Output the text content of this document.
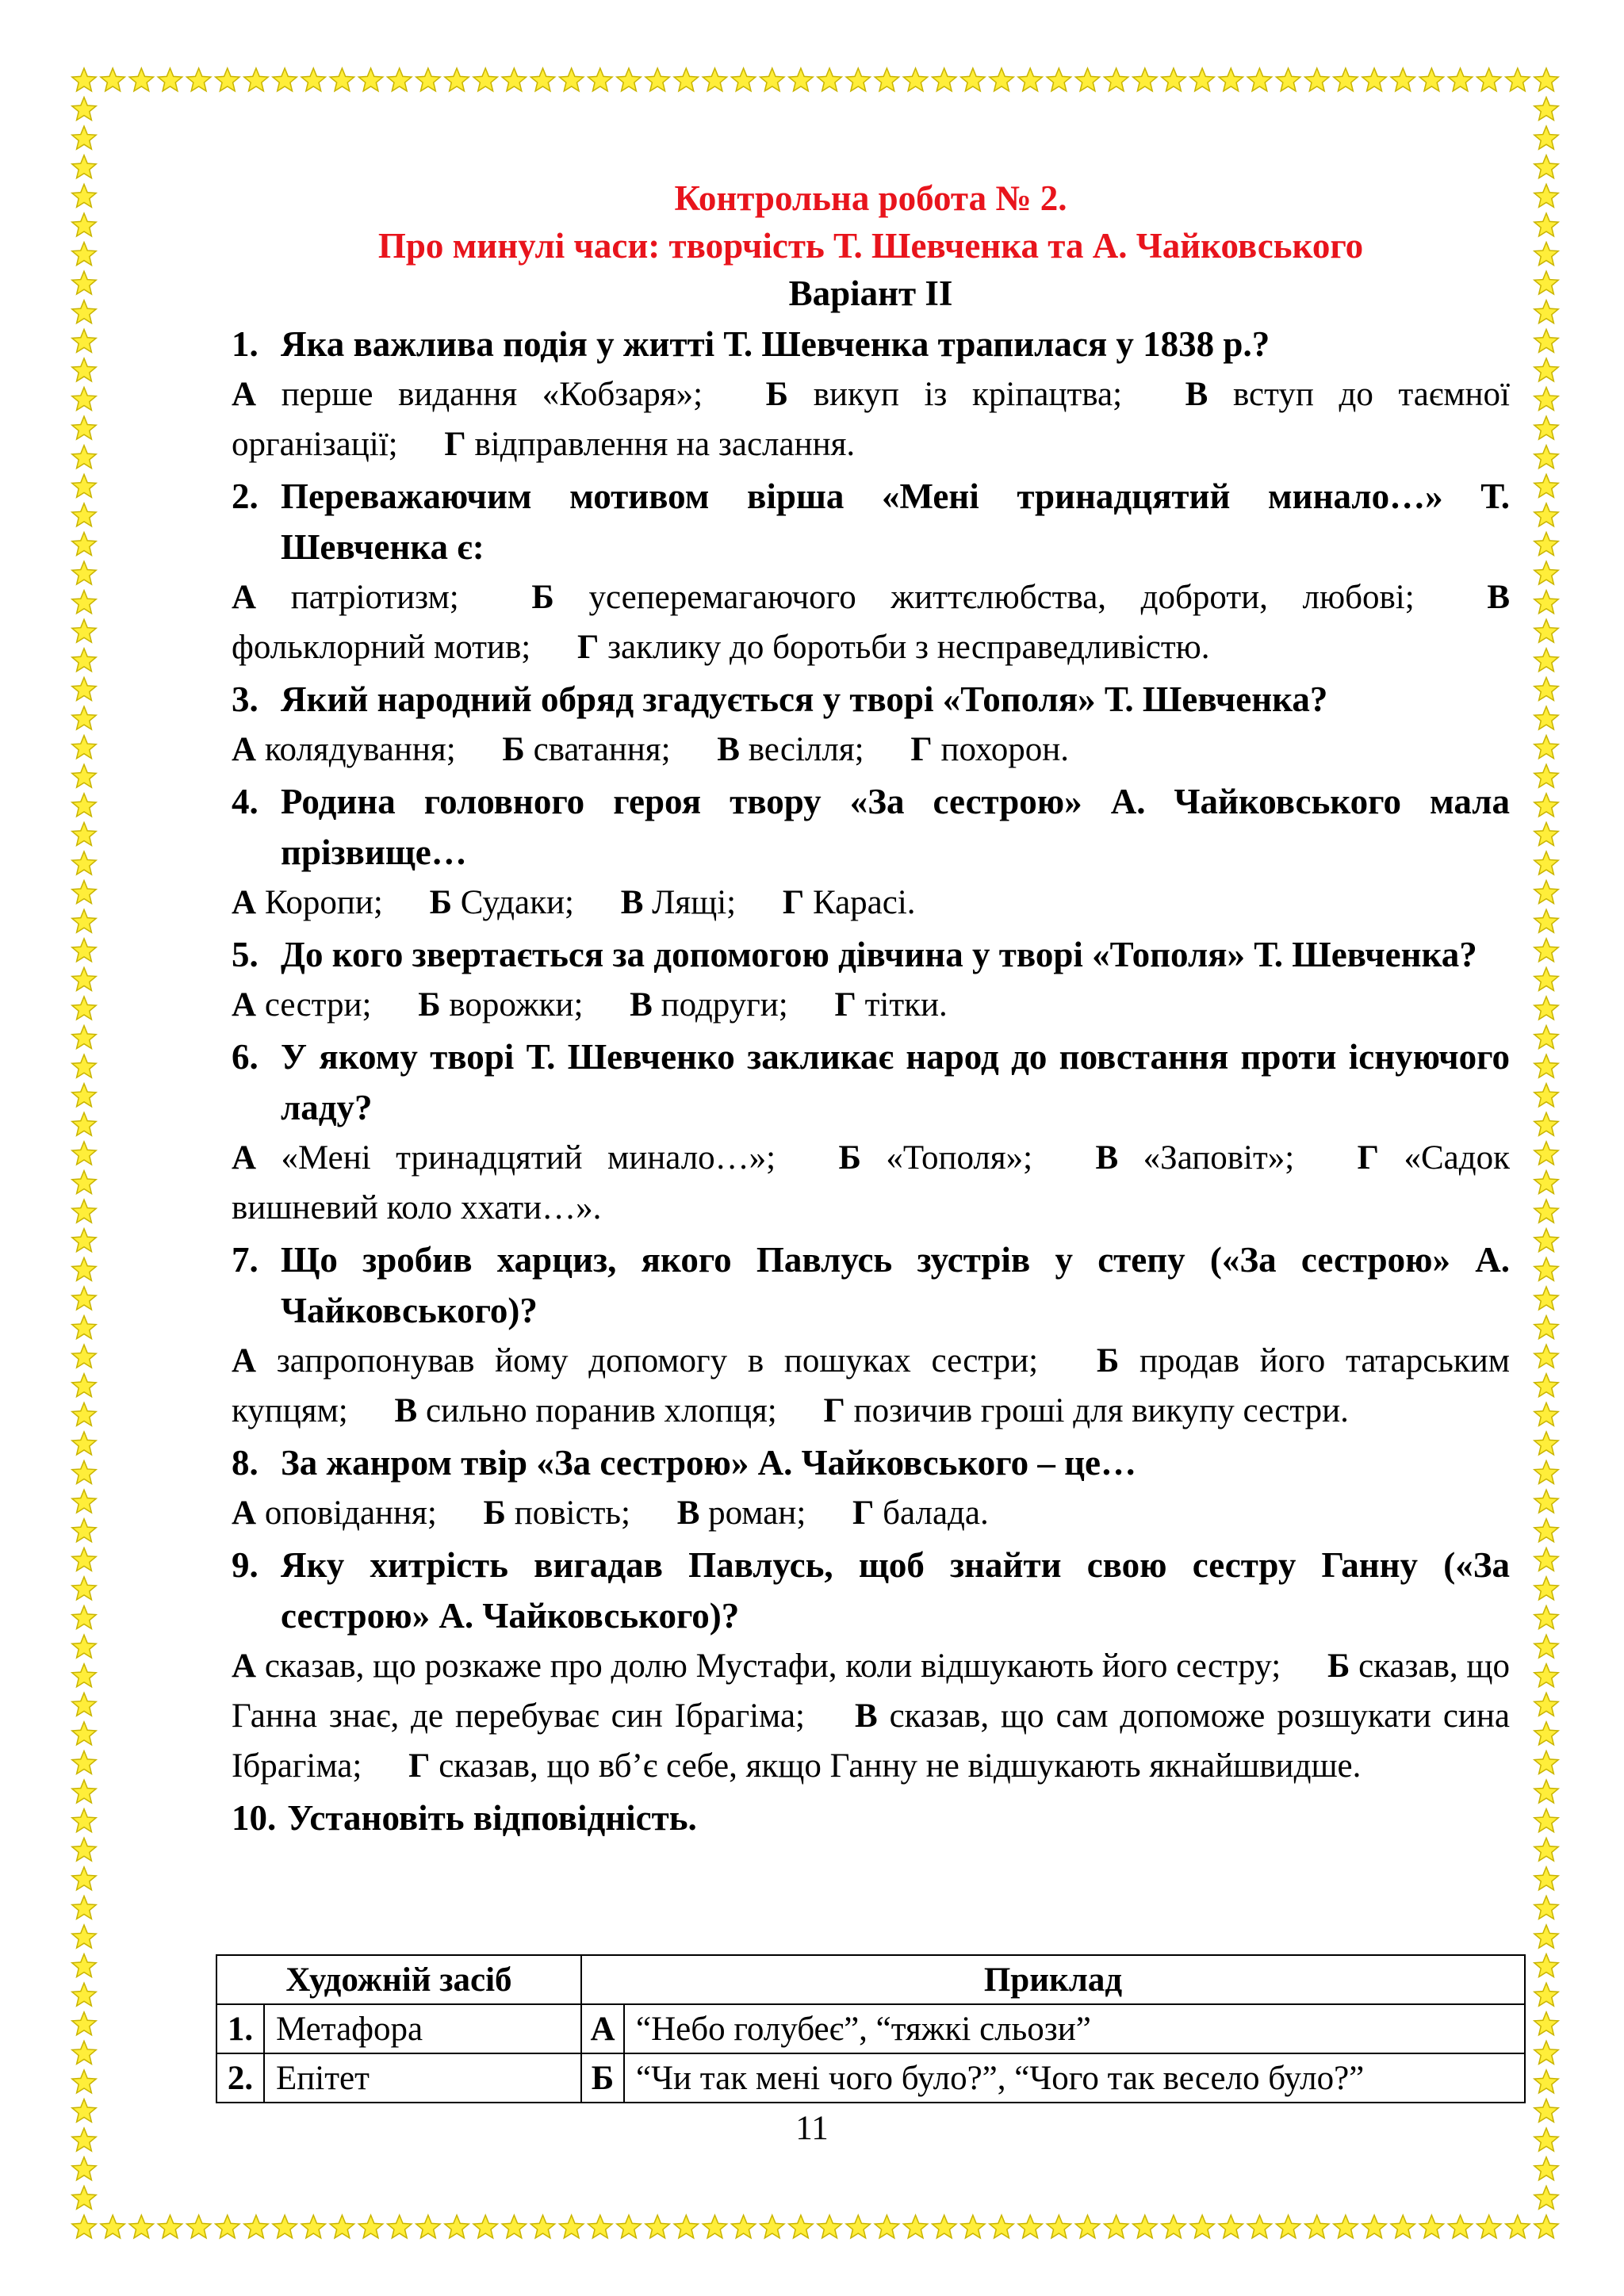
Контрольна робота № 2.
Про минулі часи: творчість Т. Шевченка та А. Чайковського
Варіант ІІ
1. Яка важлива подія у житті Т. Шевченка трапилася у 1838 р.?
А перше видання «Кобзаря»; Б викуп із кріпацтва; В вступ до таємної організації; Г відправлення на заслання.
2. Переважаючим мотивом вірша «Мені тринадцятий минало…» Т. Шевченка є:
А патріотизм; Б усеперемагаючого життєлюбства, доброти, любові; В фольклорний мотив; Г заклику до боротьби з несправедливістю.
3. Який народний обряд згадується у творі «Тополя» Т. Шевченка?
А колядування; Б сватання; В весілля; Г похорон.
4. Родина головного героя твору «За сестрою» А. Чайковського мала прізвище…
А Коропи; Б Судаки; В Лящі; Г Карасі.
5. До кого звертається за допомогою дівчина у творі «Тополя» Т. Шевченка?
А сестри; Б ворожки; В подруги; Г тітки.
6. У якому творі Т. Шевченко закликає народ до повстання проти існуючого ладу?
А «Мені тринадцятий минало…»; Б «Тополя»; В «Заповіт»; Г «Садок вишневий коло ххати…».
7. Що зробив харциз, якого Павлусь зустрів у степу («За сестрою» А. Чайковського)?
А запропонував йому допомогу в пошуках сестри; Б продав його татарським купцям; В сильно поранив хлопця; Г позичив гроші для викупу сестри.
8. За жанром твір «За сестрою» А. Чайковського – це…
А оповідання; Б повість; В роман; Г балада.
9. Яку хитрість вигадав Павлусь, щоб знайти свою сестру Ганну («За сестрою» А. Чайковського)?
А сказав, що розкаже про долю Мустафи, коли відшукають його сестру; Б сказав, що Ганна знає, де перебуває син Ібрагіма; В сказав, що сам допоможе розшукати сина Ібрагіма; Г сказав, що вб’є себе, якщо Ганну не відшукають якнайшвидше.
10. Установіть відповідність.
Художній засіб		Приклад	
1.	Метафора	А	“Небо голубеє”, “тяжкі сльози”
2.	Епітет	Б	“Чи так мені чого було?”, “Чого так весело було?”
11
